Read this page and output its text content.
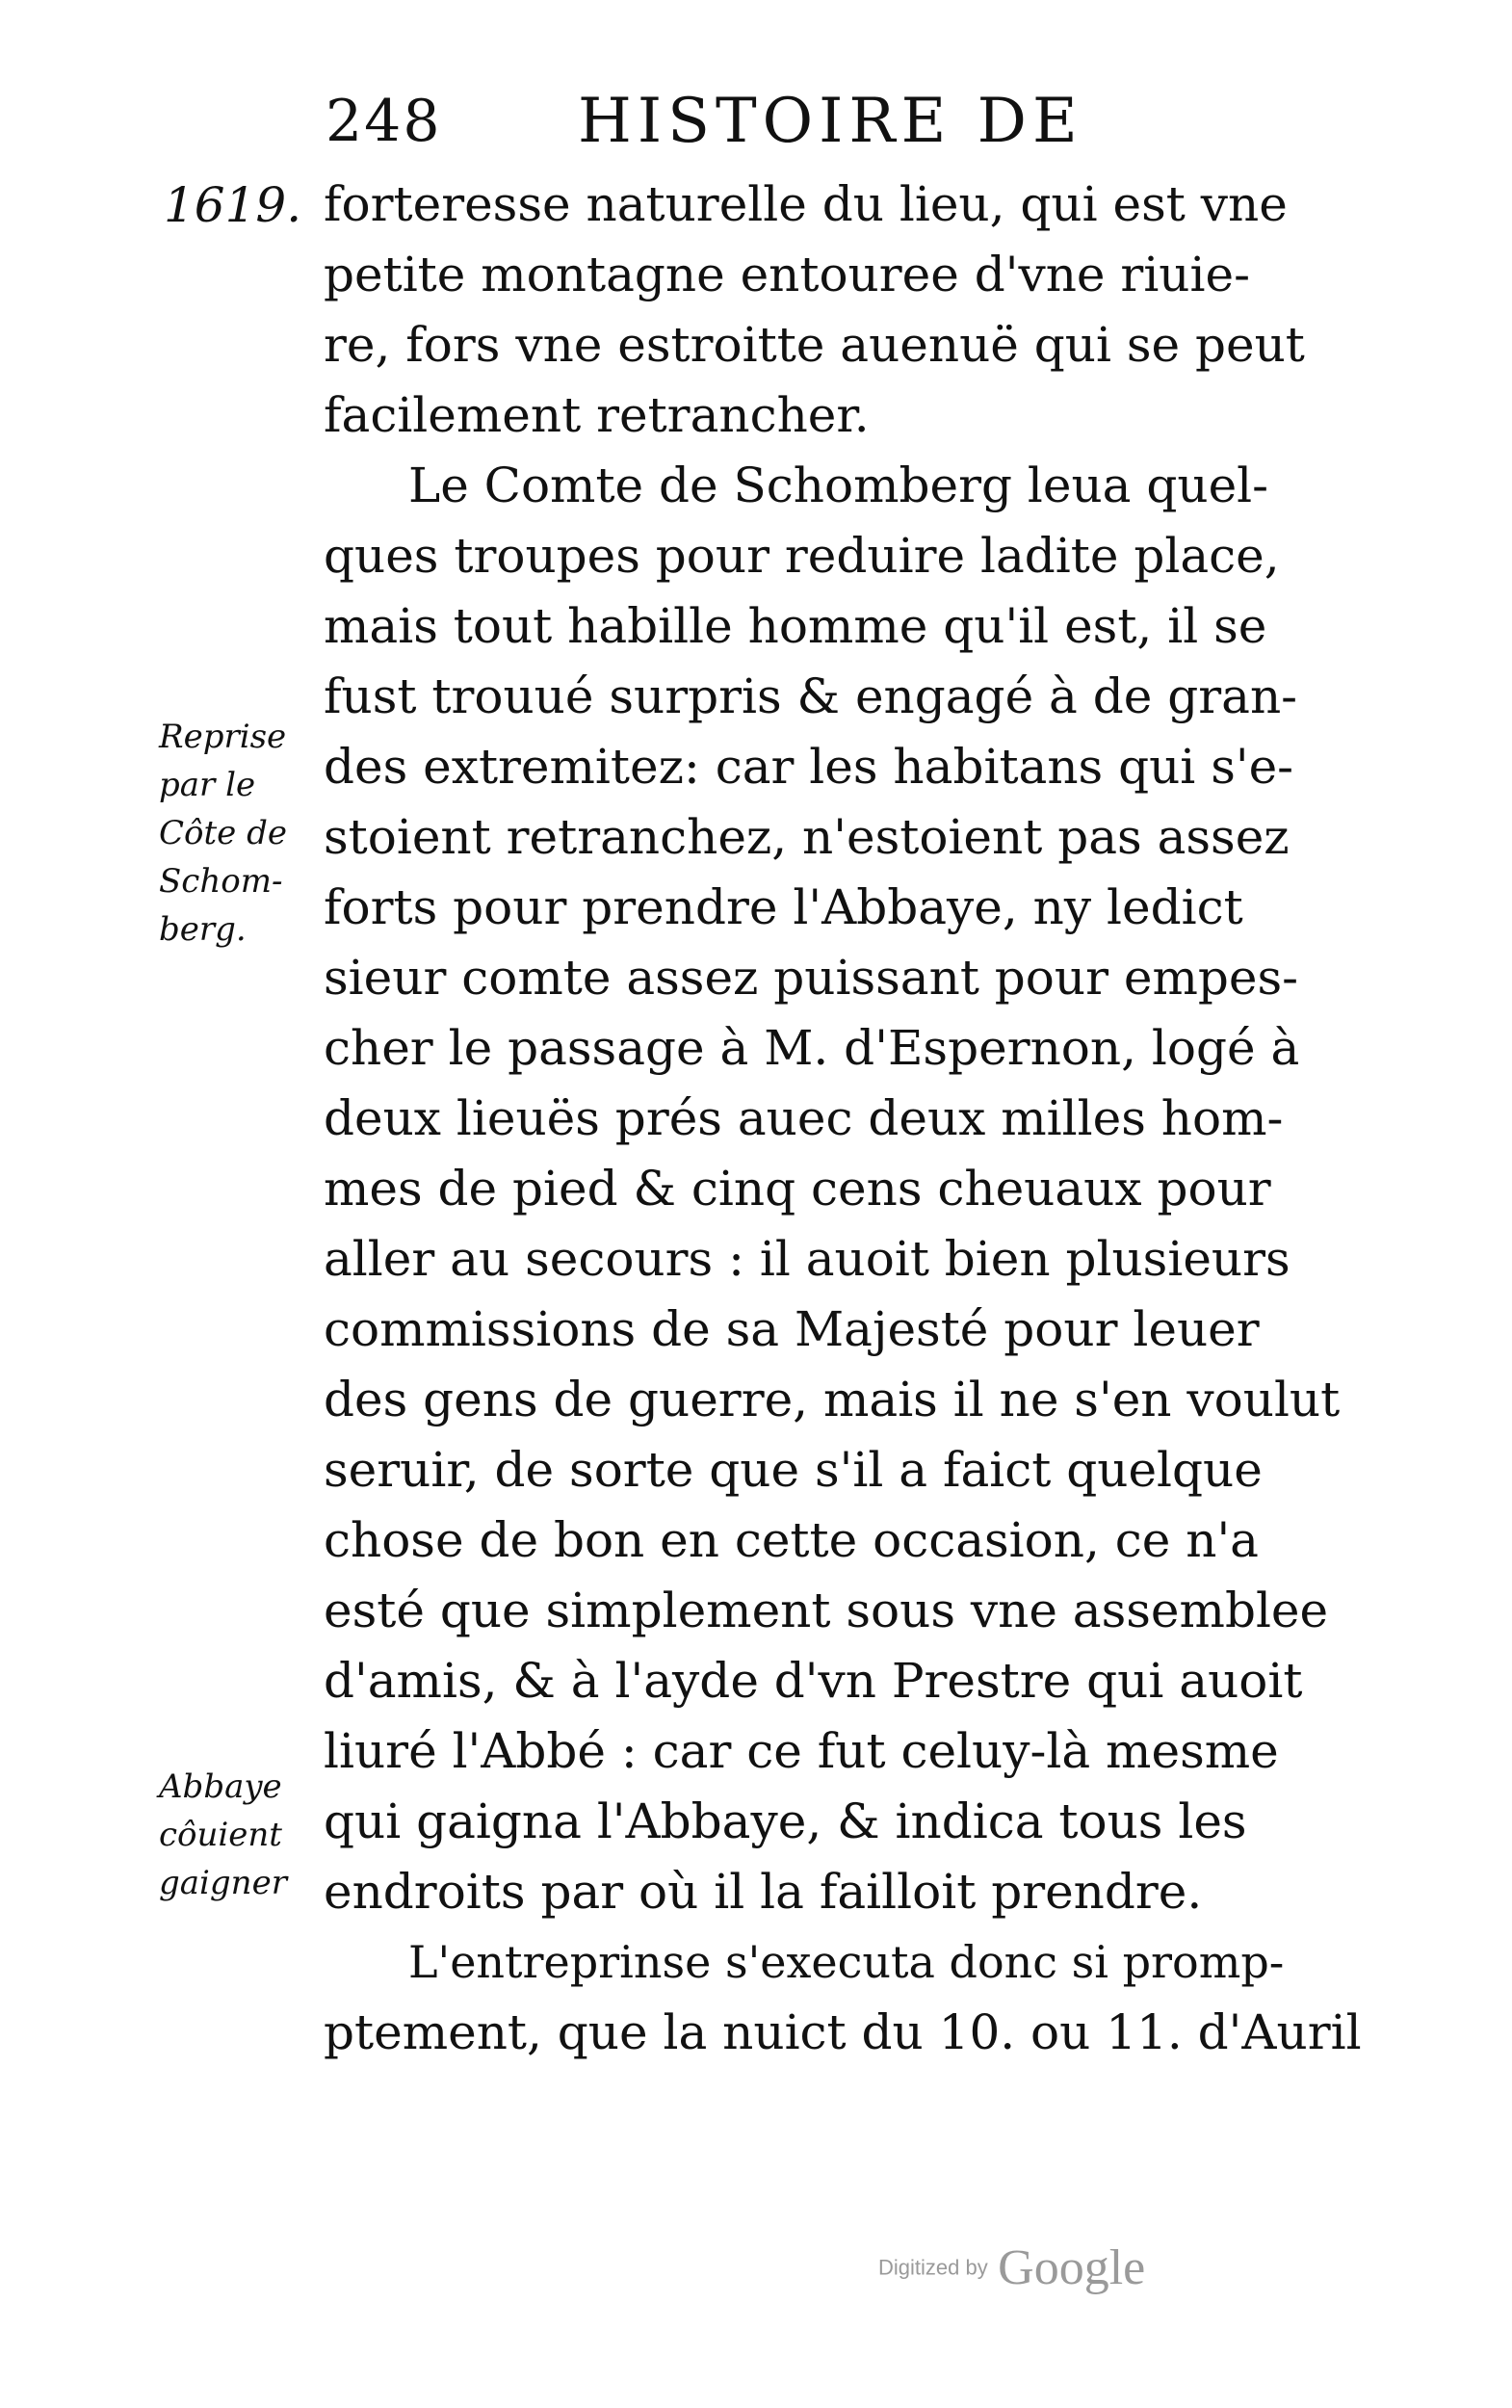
248 HISTOIRE DE
1619. forteresse naturelle du lieu, qui est vne
petite montagne entouree d'vne riuie-
re, fors vne estroitte auenuë qui se peut
facilement retrancher.
Le Comte de Schomberg leua quel-
ques troupes pour reduire ladite place,
mais tout habille homme qu'il est, il se
fust trouué surpris & engagé à de gran-
des extremitez: car les habitans qui s'e-
stoient retranchez, n'estoient pas assez
forts pour prendre l'Abbaye, ny ledict
sieur comte assez puissant pour empes-
cher le passage à M. d'Espernon, logé à
deux lieuës prés auec deux milles hom-
mes de pied & cinq cens cheuaux pour
aller au secours : il auoit bien plusieurs
commissions de sa Majesté pour leuer
des gens de guerre, mais il ne s'en voulut
seruir, de sorte que s'il a faict quelque
chose de bon en cette occasion, ce n'a
esté que simplement sous vne assemblee
d'amis, & à l'ayde d'vn Prestre qui auoit
liuré l'Abbé : car ce fut celuy-là mesme
qui gaigna l'Abbaye, & indica tous les
endroits par où il la failloit prendre.
L'entreprinse s'executa donc si promp-
ptement, que la nuict du 10. ou 11. d'Auril
Reprise
par le
Côte de
Schom-
berg.
Abbaye
côuient
gaigner
Digitized by Google
